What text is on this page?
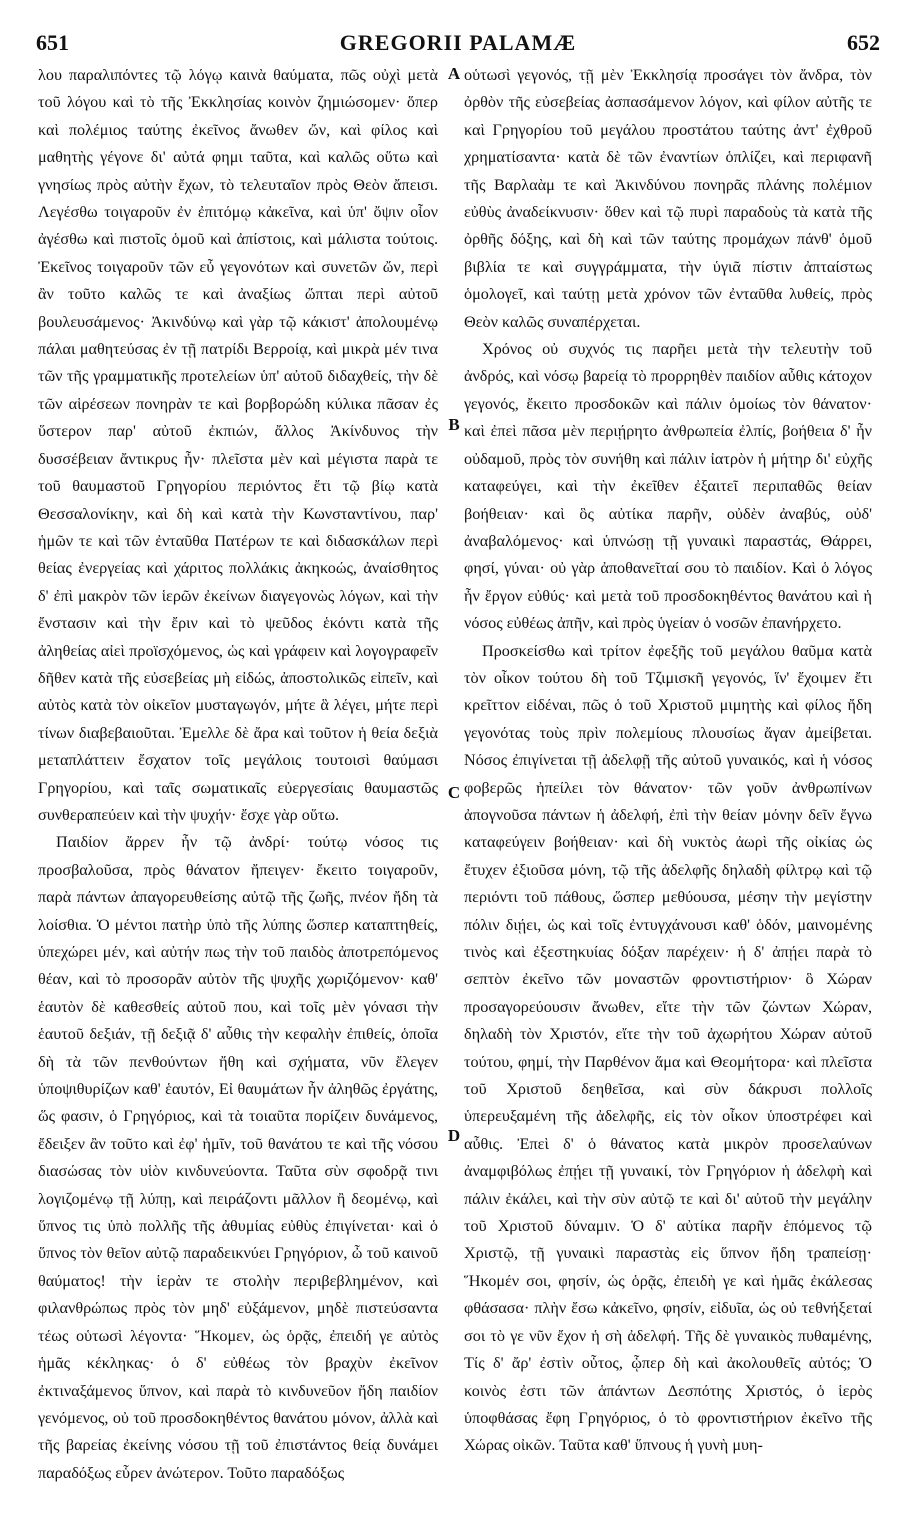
651	GREGORII PALAMÆ	652

λου παραλιπόντες τῷ λόγῳ καινὰ θαύματα, πῶς οὐχὶ μετὰ τοῦ λόγου καὶ τὸ τῆς Ἐκκλησίας κοινὸν ζημιώσομεν· ὅπερ καὶ πολέμιος ταύτης ἐκεῖνος ἄνωθεν ὤν, καὶ φίλος καὶ μαθητὴς γέγονε δι' αὐτά φημι ταῦτα, καὶ καλῶς οὕτω καὶ γνησίως πρὸς αὐτὴν ἔχων, τὸ τελευταῖον πρὸς Θεὸν ἄπεισι. Λεγέσθω τοιγαροῦν ἐν ἐπιτόμῳ κἀκεῖνα, καὶ ὑπ' ὄψιν οἷον ἀγέσθω καὶ πιστοῖς ὁμοῦ καὶ ἀπίστοις, καὶ μάλιστα τούτοις. Ἐκεῖνος τοιγαροῦν τῶν εὖ γεγονότων καὶ συνετῶν ὤν, περὶ ἂν τοῦτο καλῶς τε καὶ ἀναξίως ὤπται περὶ αὐτοῦ βουλευσάμενος· Ἀκινδύνῳ καὶ γὰρ τῷ κάκιστ' ἀπολουμένῳ πάλαι μαθητεύσας ἐν τῇ πατρίδι Βερροίᾳ, καὶ μικρὰ μέν τινα τῶν τῆς γραμματικῆς προτελείων ὑπ' αὐτοῦ διδαχθείς, τὴν δὲ τῶν αἱρέσεων πονηρὰν τε καὶ βορβορώδη κύλικα πᾶσαν ἐς ὕστερον παρ' αὐτοῦ ἐκπιών, ἄλλος Ἀκίνδυνος τὴν δυσσέβειαν ἄντικρυς ἦν· πλεῖστα μὲν καὶ μέγιστα παρὰ τε τοῦ θαυμαστοῦ Γρηγορίου περιόντος ἔτι τῷ βίῳ κατὰ Θεσσαλονίκην, καὶ δὴ καὶ κατὰ τὴν Κωνσταντίνου, παρ' ἡμῶν τε καὶ τῶν ἐνταῦθα Πατέρων τε καὶ διδασκάλων περὶ θείας ἐνεργείας καὶ χάριτος πολλάκις ἀκηκοώς, ἀναίσθητος δ' ἐπὶ μακρὸν τῶν ἱερῶν ἐκείνων διαγεγονὼς λόγων, καὶ τὴν ἔνστασιν καὶ τὴν ἔριν καὶ τὸ ψεῦδος ἑκόντι κατὰ τῆς ἀληθείας αἰεὶ προϊσχόμενος, ὡς καὶ γράφειν καὶ λογογραφεῖν δῆθεν κατὰ τῆς εὐσεβείας μὴ εἰδώς, ἀποστολικῶς εἰπεῖν, καὶ αὐτὸς κατὰ τὸν οἰκεῖον μυσταγωγόν, μήτε ἃ λέγει, μήτε περὶ τίνων διαβεβαιοῦται. Ἐμελλε δὲ ἄρα καὶ τοῦτον ἡ θεία δεξιὰ μεταπλάττειν ἔσχατον τοῖς μεγάλοις τουτοισὶ θαύμασι Γρηγορίου, καὶ ταῖς σωματικαῖς εὐεργεσίαις θαυμαστῶς συνθεραπεύειν καὶ τὴν ψυχήν· ἔσχε γὰρ οὕτω.

Παιδίον ἄρρεν ἦν τῷ ἀνδρί· τούτῳ νόσος τις προσβαλοῦσα, πρὸς θάνατον ἤπειγεν· ἔκειτο τοιγαροῦν, παρὰ πάντων ἀπαγορευθείσης αὐτῷ τῆς ζωῆς, πνέον ἤδη τὰ λοίσθια. Ὁ μέντοι πατὴρ ὑπὸ τῆς λύπης ὥσπερ καταπτηθείς, ὑπεχώρει μέν, καὶ αὐτήν πως τὴν τοῦ παιδὸς ἀποτρεπόμενος θέαν, καὶ τὸ προσορᾶν αὐτὸν τῆς ψυχῆς χωριζόμενον· καθ' ἑαυτὸν δὲ καθεσθείς αὐτοῦ που, καὶ τοῖς μὲν γόνασι τὴν ἑαυτοῦ δεξιάν, τῇ δεξιᾷ δ' αὖθις τὴν κεφαλὴν ἐπιθείς, ὁποῖα δὴ τὰ τῶν πενθούντων ἤθη καὶ σχήματα, νῦν ἔλεγεν ὑποψιθυρίζων καθ' ἑαυτόν, Εἰ θαυμάτων ἦν ἀληθῶς ἐργάτης, ὥς φασιν, ὁ Γρηγόριος, καὶ τὰ τοιαῦτα πορίζειν δυνάμενος, ἔδειξεν ἂν τοῦτο καὶ ἐφ' ἡμῖν, τοῦ θανάτου τε καὶ τῆς νόσου διασώσας τὸν υἱὸν κινδυνεύοντα. Ταῦτα σὺν σφοδρᾷ τινι λογιζομένῳ τῇ λύπῃ, καὶ πειράζοντι μᾶλλον ἢ δεομένῳ, καὶ ὕπνος τις ὑπὸ πολλῆς τῆς ἀθυμίας εὐθὺς ἐπιγίνεται· καὶ ὁ ὕπνος τὸν θεῖον αὐτῷ παραδεικνύει Γρηγόριον, ὦ τοῦ καινοῦ θαύματος! τὴν ἱερὰν τε στολὴν περιβεβλημένον, καὶ φιλανθρώπως πρὸς τὸν μηδ' εὐξάμενον, μηδὲ πιστεύσαντα τέως οὑτωσὶ λέγοντα· Ἥκομεν, ὡς ὁρᾷς, ἐπειδή γε αὐτὸς ἡμᾶς κέκληκας· ὁ δ' εὐθέως τὸν βραχὺν ἐκεῖνον ἐκτιναξάμενος ὕπνον, καὶ παρὰ τὸ κινδυνεῦον ἤδη παιδίον γενόμενος, οὐ τοῦ προσδοκηθέντος θανάτου μόνον, ἀλλὰ καὶ τῆς βαρείας ἐκείνης νόσου τῇ τοῦ ἐπιστάντος θείᾳ δυνάμει παραδόξως εὗρεν ἀνώτερον. Τοῦτο παραδόξως

A
B
C
D

οὑτωσὶ γεγονός, τῇ μὲν Ἐκκλησίᾳ προσάγει τὸν ἄνδρα, τὸν ὀρθὸν τῆς εὐσεβείας ἀσπασάμενον λόγον, καὶ φίλον αὐτῆς τε καὶ Γρηγορίου τοῦ μεγάλου προστάτου ταύτης ἀντ' ἐχθροῦ χρηματίσαντα· κατὰ δὲ τῶν ἐναντίων ὁπλίζει, καὶ περιφανῆ τῆς Βαρλαὰμ τε καὶ Ἀκινδύνου πονηρᾶς πλάνης πολέμιον εὐθὺς ἀναδείκνυσιν· ὅθεν καὶ τῷ πυρὶ παραδοὺς τὰ κατὰ τῆς ὀρθῆς δόξης, καὶ δὴ καὶ τῶν ταύτης προμάχων πάνθ' ὁμοῦ βιβλία τε καὶ συγγράμματα, τὴν ὑγιᾶ πίστιν ἀπταίστως ὁμολογεῖ, καὶ ταύτῃ μετὰ χρόνον τῶν ἐνταῦθα λυθείς, πρὸς Θεὸν καλῶς συναπέρχεται.

Χρόνος οὐ συχνός τις παρῆει μετὰ τὴν τελευτὴν τοῦ ἀνδρός, καὶ νόσῳ βαρείᾳ τὸ προρρηθὲν παιδίον αὖθις κάτοχον γεγονός, ἔκειτο προσδοκῶν καὶ πάλιν ὁμοίως τὸν θάνατον· καὶ ἐπεὶ πᾶσα μὲν περιῄρητο ἀνθρωπεία ἐλπίς, βοήθεια δ' ἦν οὐδαμοῦ, πρὸς τὸν συνήθη καὶ πάλιν ἰατρὸν ἡ μήτηρ δι' εὐχῆς καταφεύγει, καὶ τὴν ἐκεῖθεν ἐξαιτεῖ περιπαθῶς θείαν βοήθειαν· καὶ ὃς αὐτίκα παρῆν, οὐδὲν ἀναβύς, οὐδ' ἀναβαλόμενος· καὶ ὑπνώσῃ τῇ γυναικὶ παραστάς, Θάρρει, φησί, γύναι· οὐ γὰρ ἀποθανεῖταί σου τὸ παιδίον. Καὶ ὁ λόγος ἦν ἔργον εὐθύς· καὶ μετὰ τοῦ προσδοκηθέντος θανάτου καὶ ἡ νόσος εὐθέως ἀπῆν, καὶ πρὸς ὑγείαν ὁ νοσῶν ἐπανήρχετο.

Προσκείσθω καὶ τρίτον ἐφεξῆς τοῦ μεγάλου θαῦμα κατὰ τὸν οἶκον τούτου δὴ τοῦ Τζιμισκῆ γεγονός, ἵν' ἔχοιμεν ἔτι κρεῖττον εἰδέναι, πῶς ὁ τοῦ Χριστοῦ μιμητὴς καὶ φίλος ἤδη γεγονότας τοὺς πρὶν πολεμίους πλουσίως ἄγαν ἀμείβεται. Νόσος ἐπιγίνεται τῇ ἀδελφῇ τῆς αὐτοῦ γυναικός, καὶ ἡ νόσος φοβερῶς ἠπείλει τὸν θάνατον· τῶν γοῦν ἀνθρωπίνων ἀπογνοῦσα πάντων ἡ ἀδελφή, ἐπὶ τὴν θείαν μόνην δεῖν ἔγνω καταφεύγειν βοήθειαν· καὶ δὴ νυκτὸς ἀωρὶ τῆς οἰκίας ὡς ἔτυχεν ἐξιοῦσα μόνη, τῷ τῆς ἀδελφῆς δηλαδὴ φίλτρῳ καὶ τῷ περιόντι τοῦ πάθους, ὥσπερ μεθύουσα, μέσην τὴν μεγίστην πόλιν διῄει, ὡς καὶ τοῖς ἐντυγχάνουσι καθ' ὁδόν, μαινομένης τινὸς καὶ ἐξεστηκυίας δόξαν παρέχειν· ἡ δ' ἀπῄει παρὰ τὸ σεπτὸν ἐκεῖνο τῶν μοναστῶν φροντιστήριον· ὃ Χώραν προσαγορεύουσιν ἄνωθεν, εἴτε τὴν τῶν ζώντων Χώραν, δηλαδὴ τὸν Χριστόν, εἴτε τὴν τοῦ ἀχωρήτου Χώραν αὐτοῦ τούτου, φημί, τὴν Παρθένον ἅμα καὶ Θεομήτορα· καὶ πλεῖστα τοῦ Χριστοῦ δεηθεῖσα, καὶ σὺν δάκρυσι πολλοῖς ὑπερευξαμένη τῆς ἀδελφῆς, εἰς τὸν οἶκον ὑποστρέφει καὶ αὖθις. Ἐπεὶ δ' ὁ θάνατος κατὰ μικρὸν προσελαύνων ἀναμφιβόλως ἐπῄει τῇ γυναικί, τὸν Γρηγόριον ἡ ἀδελφὴ καὶ πάλιν ἐκάλει, καὶ τὴν σὺν αὐτῷ τε καὶ δι' αὐτοῦ τὴν μεγάλην τοῦ Χριστοῦ δύναμιν. Ὁ δ' αὐτίκα παρῆν ἑπόμενος τῷ Χριστῷ, τῇ γυναικὶ παραστὰς εἰς ὕπνον ἤδη τραπείσῃ· Ἥκομέν σοι, φησίν, ὡς ὁρᾷς, ἐπειδὴ γε καὶ ἡμᾶς ἐκάλεσας φθάσασα· πλὴν ἔσω κἀκεῖνο, φησίν, εἰδυῖα, ὡς οὐ τεθνήξεταί σοι τὸ γε νῦν ἔχον ἡ σὴ ἀδελφή. Τῆς δὲ γυναικὸς πυθαμένης, Τίς δ' ἄρ' ἐστὶν οὗτος, ᾧπερ δὴ καὶ ἀκολουθεῖς αὐτός; Ὁ κοινὸς ἐστι τῶν ἁπάντων Δεσπότης Χριστός, ὁ ἱερὸς ὑποφθάσας ἔφη Γρηγόριος, ὁ τὸ φροντιστήριον ἐκεῖνο τῆς Χώρας οἰκῶν. Ταῦτα καθ' ὕπνους ἡ γυνὴ μυη-
